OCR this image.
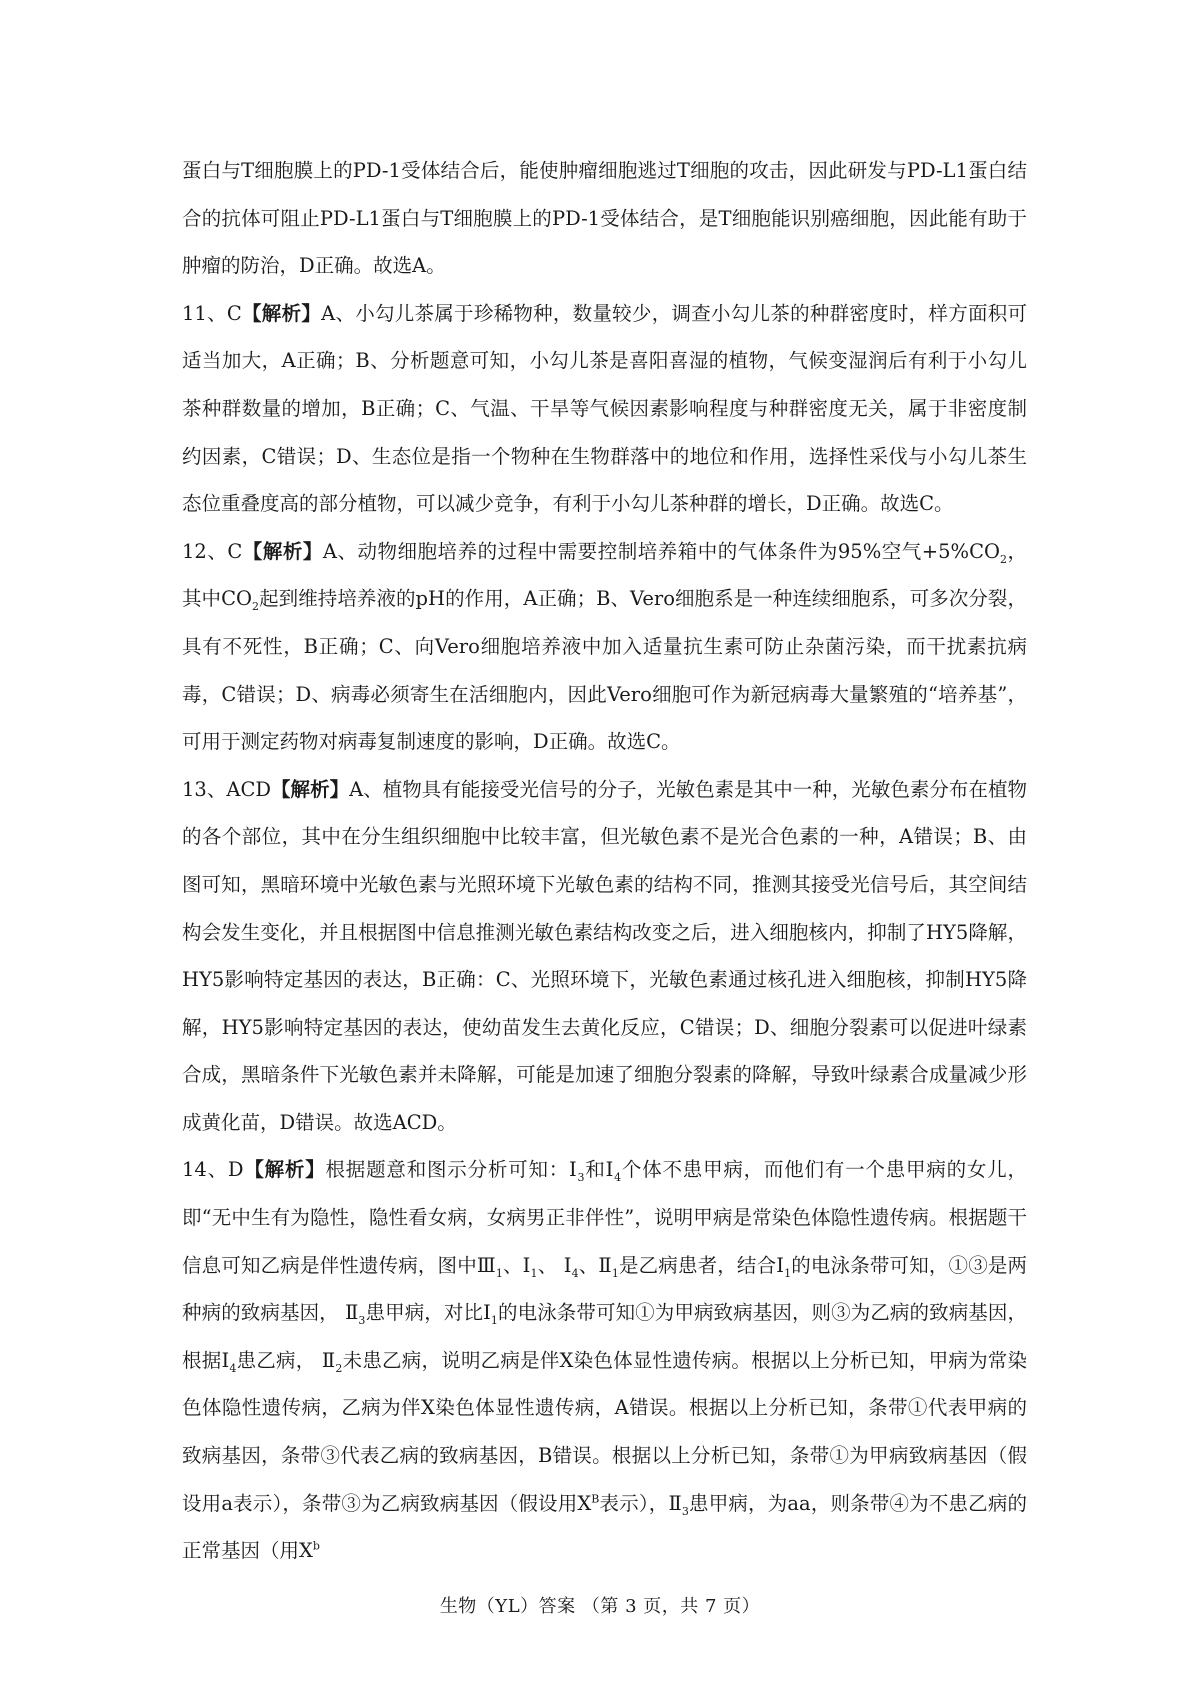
蛋白与T细胞膜上的PD-1受体结合后，能使肿瘤细胞逃过T细胞的攻击，因此研发与PD-L1蛋白结合的抗体可阻止PD-L1蛋白与T细胞膜上的PD-1受体结合，是T细胞能识别癌细胞，因此能有助于肿瘤的防治，D正确。故选A。

11、C【解析】A、小勾儿茶属于珍稀物种，数量较少，调查小勾儿茶的种群密度时，样方面积可适当加大，A正确；B、分析题意可知，小勾儿茶是喜阳喜湿的植物，气候变湿润后有利于小勾儿茶种群数量的增加，B正确；C、气温、干旱等气候因素影响程度与种群密度无关，属于非密度制约因素，C错误；D、生态位是指一个物种在生物群落中的地位和作用，选择性采伐与小勾儿茶生态位重叠度高的部分植物，可以减少竞争，有利于小勾儿茶种群的增长，D正确。故选C。

12、C【解析】A、动物细胞培养的过程中需要控制培养箱中的气体条件为95%空气$+5\%CO_2$，其中$CO_2$起到维持培养液的pH的作用，A正确；B、Vero细胞系是一种连续细胞系，可多次分裂，具有不死性，B正确；C、向Vero细胞培养液中加入适量抗生素可防止杂菌污染，而干扰素抗病毒，C错误；D、病毒必须寄生在活细胞内，因此Vero细胞可作为新冠病毒大量繁殖的“培养基”，可用于测定药物对病毒复制速度的影响，D正确。故选C。

13、ACD【解析】A、植物具有能接受光信号的分子，光敏色素是其中一种，光敏色素分布在植物的各个部位，其中在分生组织细胞中比较丰富，但光敏色素不是光合色素的一种，A错误；B、由图可知，黑暗环境中光敏色素与光照环境下光敏色素的结构不同，推测其接受光信号后，其空间结构会发生变化，并且根据图中信息推测光敏色素结构改变之后，进入细胞核内，抑制了HY5降解，HY5影响特定基因的表达，B正确：C、光照环境下，光敏色素通过核孔进入细胞核，抑制HY5降解，HY5影响特定基因的表达，使幼苗发生去黄化反应，C错误；D、细胞分裂素可以促进叶绿素合成，黑暗条件下光敏色素并未降解，可能是加速了细胞分裂素的降解，导致叶绿素合成量减少形成黄化苗，D错误。故选ACD。

14、D【解析】根据题意和图示分析可知：$Ⅰ_3$和$Ⅰ_4$个体不患甲病，而他们有一个患甲病的女儿，即“无中生有为隐性，隐性看女病，女病男正非伴性”，说明甲病是常染色体隐性遗传病。根据题干信息可知乙病是伴性遗传病，图中$Ⅲ_1$、$Ⅰ_1$、 $Ⅰ_4$、$Ⅱ_1$是乙病患者，结合$Ⅰ_1$的电泳条带可知，①③是两种病的致病基因， $Ⅱ_3$患甲病，对比$Ⅰ_1$的电泳条带可知①为甲病致病基因，则③为乙病的致病基因，根据$Ⅰ_4$患乙病， $Ⅱ_2$未患乙病，说明乙病是伴X染色体显性遗传病。根据以上分析已知，甲病为常染色体隐性遗传病，乙病为伴X染色体显性遗传病，A错误。根据以上分析已知，条带①代表甲病的致病基因，条带③代表乙病的致病基因，B错误。根据以上分析已知，条带①为甲病致病基因（假设用a表示），条带③为乙病致病基因（假设用$X^B$表示），$Ⅱ_3$患甲病，为aa，则条带④为不患乙病的正常基因（用$X^b$

生物（YL）答案 （第 3 页，共 7 页）
